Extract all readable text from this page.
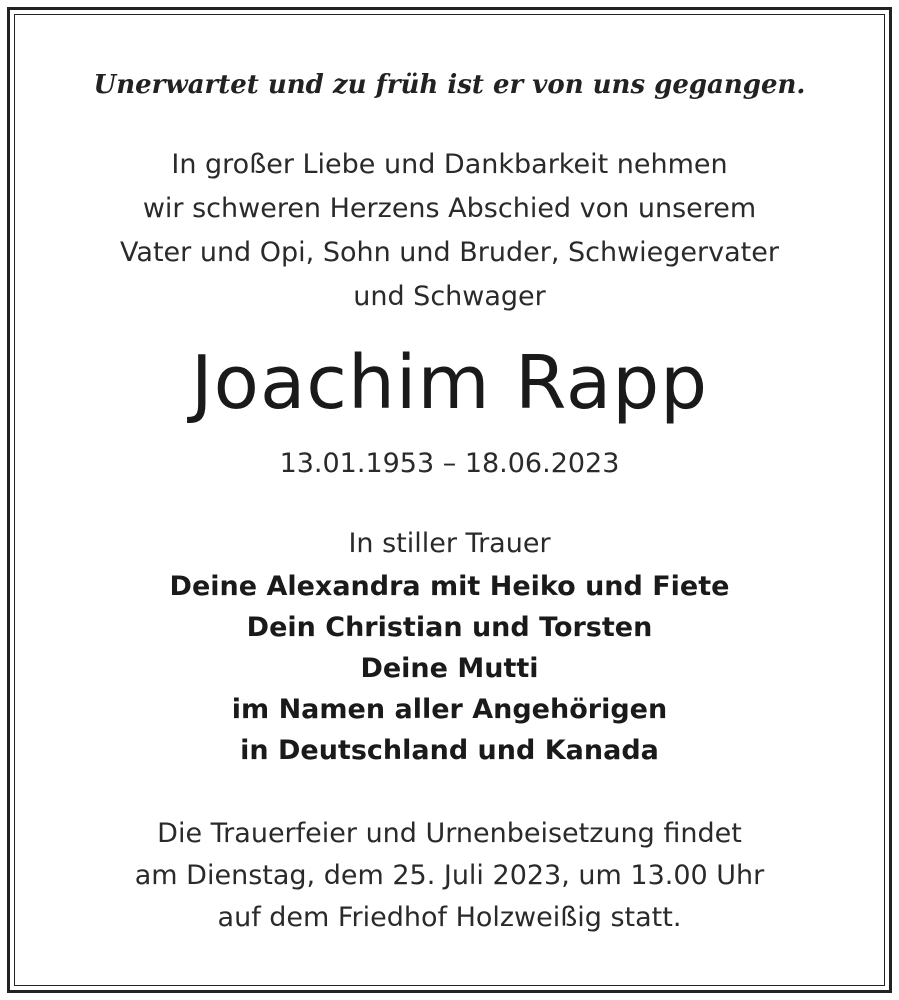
Unerwartet und zu früh ist er von uns gegangen.
In großer Liebe und Dankbarkeit nehmen
wir schweren Herzens Abschied von unserem
Vater und Opi, Sohn und Bruder, Schwiegervater
und Schwager
Joachim Rapp
13.01.1953 – 18.06.2023
In stiller Trauer
Deine Alexandra mit Heiko und Fiete
Dein Christian und Torsten
Deine Mutti
im Namen aller Angehörigen
in Deutschland und Kanada
Die Trauerfeier und Urnenbeisetzung findet
am Dienstag, dem 25. Juli 2023, um 13.00 Uhr
auf dem Friedhof Holzweißig statt.
